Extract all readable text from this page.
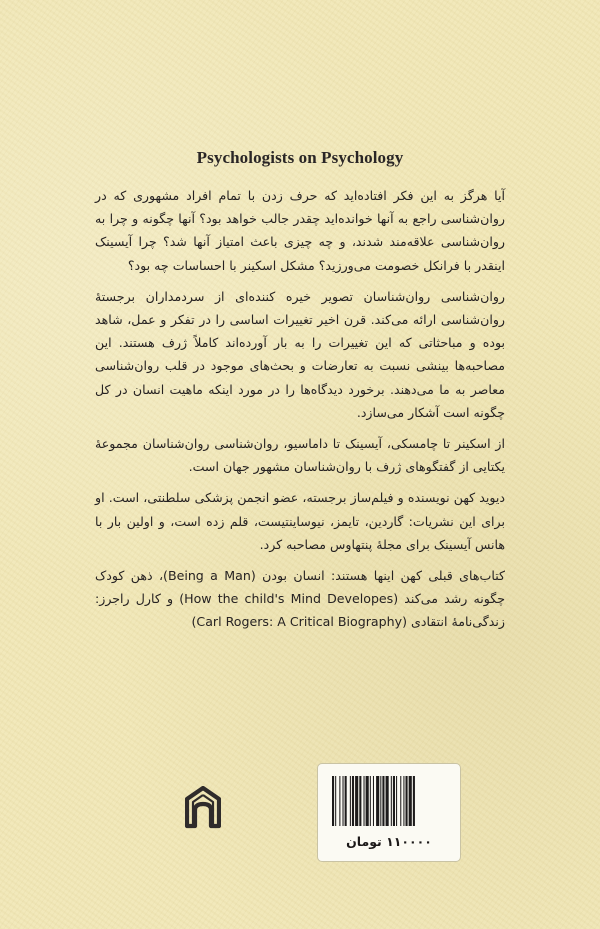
Psychologists on Psychology

آیا هرگز به این فکر افتاده‌اید که حرف زدن با تمام افراد مشهوری که در روان‌شناسی راجع به آنها خوانده‌اید چقدر جالب خواهد بود؟ آنها چگونه و چرا به روان‌شناسی علاقه‌مند شدند، و چه چیزی باعث امتیاز آنها شد؟ چرا آیسینک اینقدر با فرانکل خصومت می‌ورزید؟ مشکل اسکینر با احساسات چه بود؟

روان‌شناسی روان‌شناسان تصویر خیره کننده‌ای از سردمداران برجستهٔ روان‌شناسی ارائه می‌کند. قرن اخیر تغییرات اساسی را در تفکر و عمل، شاهد بوده و مباحثاتی که این تغییرات را به بار آورده‌اند کاملاً ژرف هستند. این مصاحبه‌ها بینشی نسبت به تعارضات و بحث‌های موجود در قلب روان‌شناسی معاصر به ما می‌دهند. برخورد دیدگاه‌ها را در مورد اینکه ماهیت انسان در کل چگونه است آشکار می‌سازد.

از اسکینر تا چامسکی، آیسینک تا داماسیو، روان‌شناسی روان‌شناسان مجموعهٔ یکتایی از گفتگوهای ژرف با روان‌شناسان مشهور جهان است.

دیوید کهن نویسنده و فیلم‌ساز برجسته، عضو انجمن پزشکی سلطنتی، است. او برای این نشریات: گاردین، تایمز، نیوساینتیست، قلم زده است، و اولین بار با هانس آیسینک برای مجلهٔ پنتهاوس مصاحبه کرد.

کتاب‌های قبلی کهن اینها هستند: انسان بودن (Being a Man)، ذهن کودک چگونه رشد می‌کند (How the child's Mind Developes) و کارل راجرز: زندگی‌نامهٔ انتقادی (Carl Rogers: A Critical Biography)

۱۱۰۰۰۰ تومان
